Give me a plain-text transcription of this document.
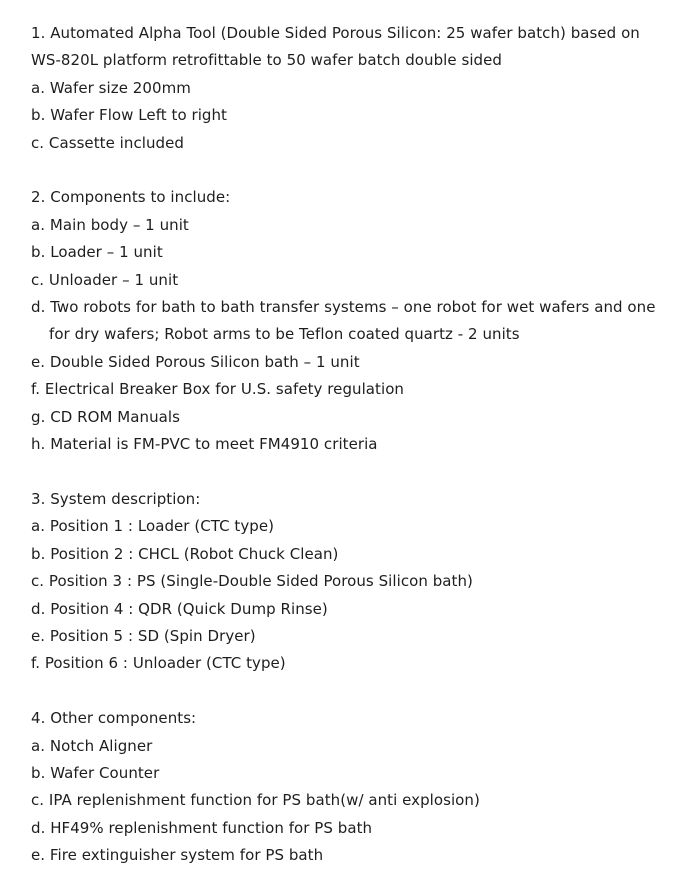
1. Automated Alpha Tool (Double Sided Porous Silicon: 25 wafer batch) based on
WS-820L platform retrofittable to 50 wafer batch double sided
a. Wafer size 200mm
b. Wafer Flow Left to right
c. Cassette included
2. Components to include:
a. Main body – 1 unit
b. Loader – 1 unit
c. Unloader – 1 unit
d. Two robots for bath to bath transfer systems – one robot for wet wafers and one
for dry wafers; Robot arms to be Teflon coated quartz - 2 units
e. Double Sided Porous Silicon bath – 1 unit
f. Electrical Breaker Box for U.S. safety regulation
g. CD ROM Manuals
h. Material is FM-PVC to meet FM4910 criteria
3. System description:
a. Position 1 : Loader (CTC type)
b. Position 2 : CHCL (Robot Chuck Clean)
c. Position 3 : PS (Single-Double Sided Porous Silicon bath)
d. Position 4 : QDR (Quick Dump Rinse)
e. Position 5 : SD (Spin Dryer)
f. Position 6 : Unloader (CTC type)
4. Other components:
a. Notch Aligner
b. Wafer Counter
c. IPA replenishment function for PS bath(w/ anti explosion)
d. HF49% replenishment function for PS bath
e. Fire extinguisher system for PS bath
